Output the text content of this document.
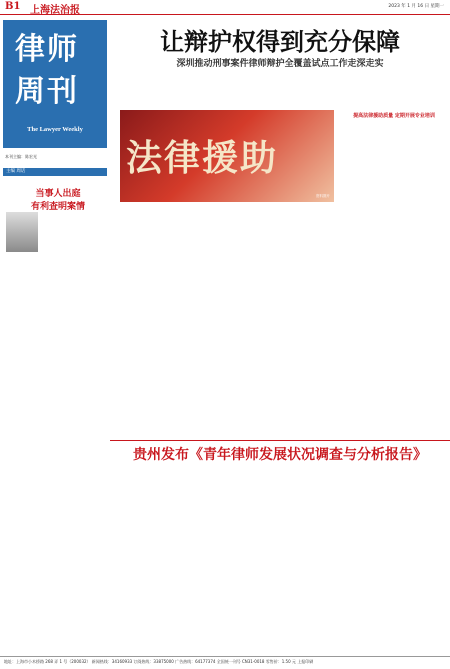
B1 上海法治报	2023 年 1 月 16 日 星期一
律师
周刊
The Lawyer Weekly
本刊主编：陈宏光
主编 周话
当事人出庭
有利查明案情
让辩护权得到充分保障
深圳推动刑事案件律师辩护全覆盖试点工作走深走实
法律援助
资料图片
提高法律援助质量 定期开展专业培训
贵州发布《青年律师发展状况调查与分析报告》
地址：上海市小木桥路 268 弄 1 号（200032） 新闻热线：34160933 订阅热线：33875000 广告热线：64177374 全国统一刊号 CN31-0018 零售价：1.50 元 上报印刷
